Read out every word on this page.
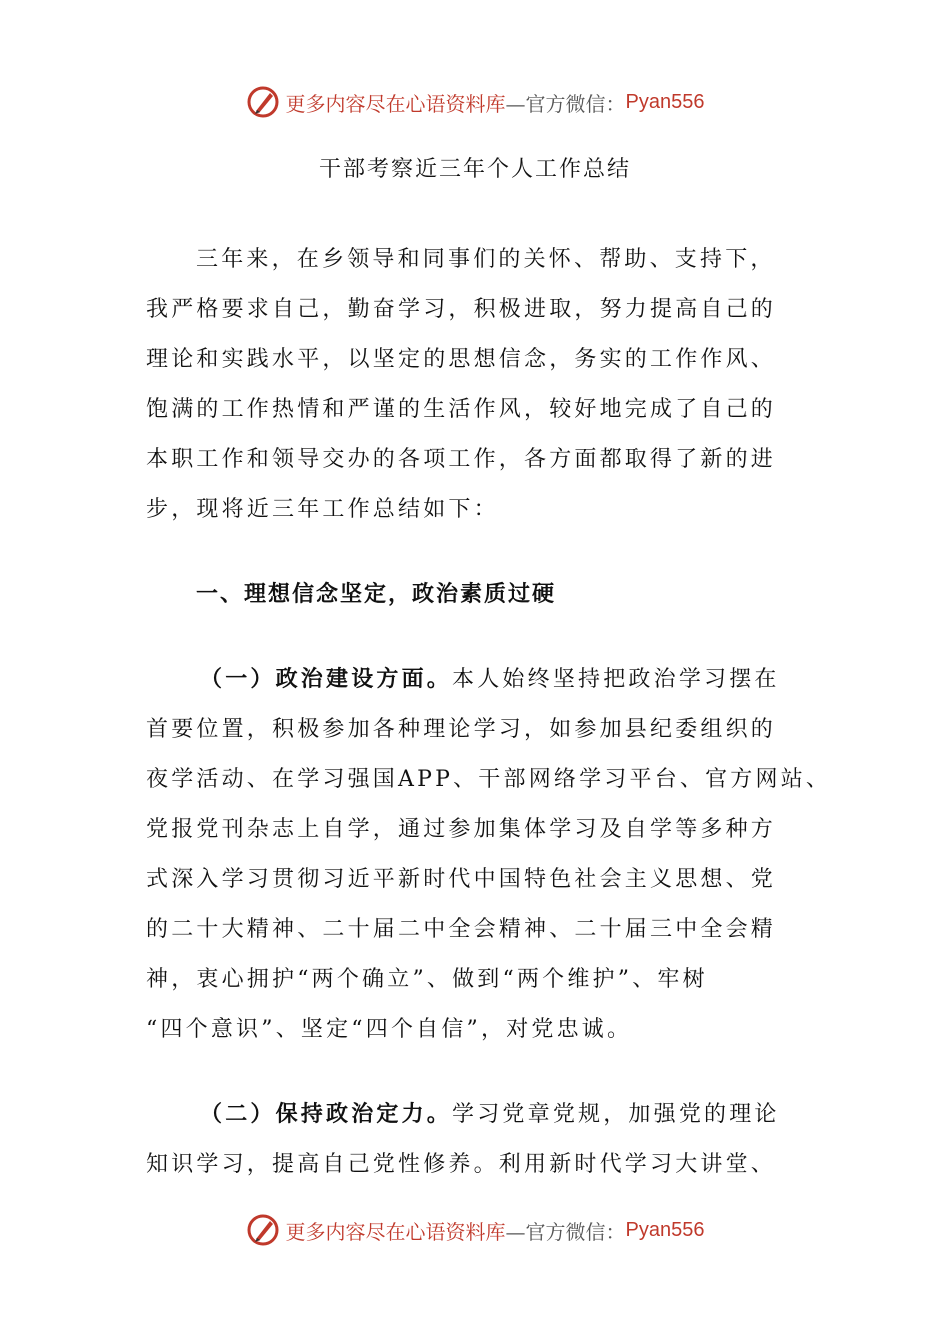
更多内容尽在心语资料库 —官方微信： Pyan556
干部考察近三年个人工作总结
三年来，在乡领导和同事们的关怀、帮助、支持下，
我严格要求自己，勤奋学习，积极进取，努力提高自己的
理论和实践水平，以坚定的思想信念，务实的工作作风、
饱满的工作热情和严谨的生活作风，较好地完成了自己的
本职工作和领导交办的各项工作，各方面都取得了新的进
步，现将近三年工作总结如下：
一、理想信念坚定，政治素质过硬
（一）政治建设方面。本人始终坚持把政治学习摆在
首要位置，积极参加各种理论学习，如参加县纪委组织的
夜学活动、在学习强国APP、干部网络学习平台、官方网站、
党报党刊杂志上自学，通过参加集体学习及自学等多种方
式深入学习贯彻习近平新时代中国特色社会主义思想、党
的二十大精神、二十届二中全会精神、二十届三中全会精
神，衷心拥护“两个确立”、做到“两个维护”、牢树
“四个意识”、坚定“四个自信”，对党忠诚。
（二）保持政治定力。学习党章党规，加强党的理论
知识学习，提高自己党性修养。利用新时代学习大讲堂、
更多内容尽在心语资料库 —官方微信： Pyan556
